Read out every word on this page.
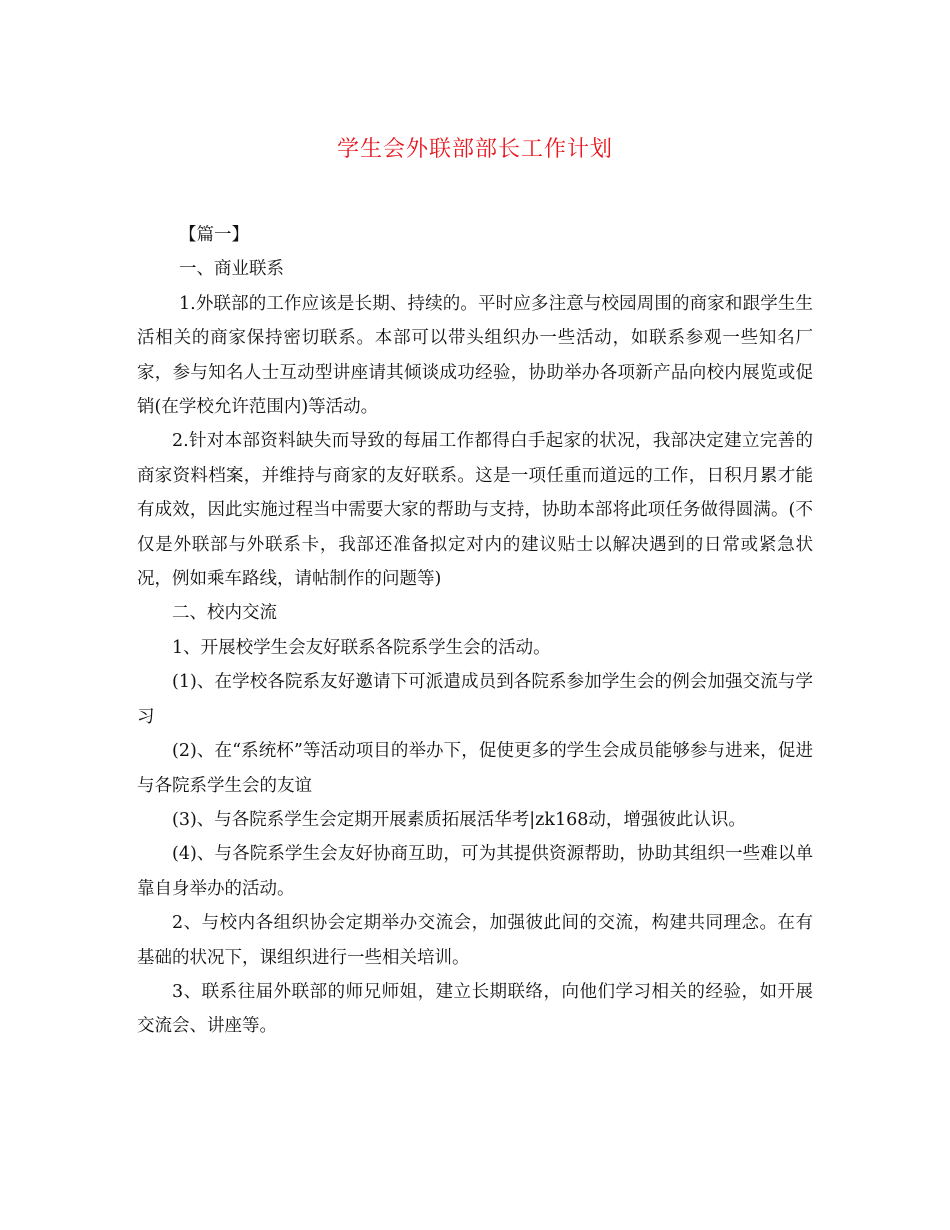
学生会外联部部长工作计划

【篇一】

一、商业联系

1.外联部的工作应该是长期、持续的。平时应多注意与校园周围的商家和跟学生生活相关的商家保持密切联系。本部可以带头组织办一些活动，如联系参观一些知名厂家，参与知名人士互动型讲座请其倾谈成功经验，协助举办各项新产品向校内展览或促销(在学校允许范围内)等活动。

2.针对本部资料缺失而导致的每届工作都得白手起家的状况，我部决定建立完善的商家资料档案，并维持与商家的友好联系。这是一项任重而道远的工作，日积月累才能有成效，因此实施过程当中需要大家的帮助与支持，协助本部将此项任务做得圆满。(不仅是外联部与外联系卡，我部还准备拟定对内的建议贴士以解决遇到的日常或紧急状况，例如乘车路线，请帖制作的问题等)

二、校内交流

1、开展校学生会友好联系各院系学生会的活动。

(1)、在学校各院系友好邀请下可派遣成员到各院系参加学生会的例会加强交流与学习

(2)、在“系统杯”等活动项目的举办下，促使更多的学生会成员能够参与进来，促进与各院系学生会的友谊

(3)、与各院系学生会定期开展素质拓展活华考|zk168动，增强彼此认识。

(4)、与各院系学生会友好协商互助，可为其提供资源帮助，协助其组织一些难以单靠自身举办的活动。

2、与校内各组织协会定期举办交流会，加强彼此间的交流，构建共同理念。在有基础的状况下，课组织进行一些相关培训。

3、联系往届外联部的师兄师姐，建立长期联络，向他们学习相关的经验，如开展交流会、讲座等。
